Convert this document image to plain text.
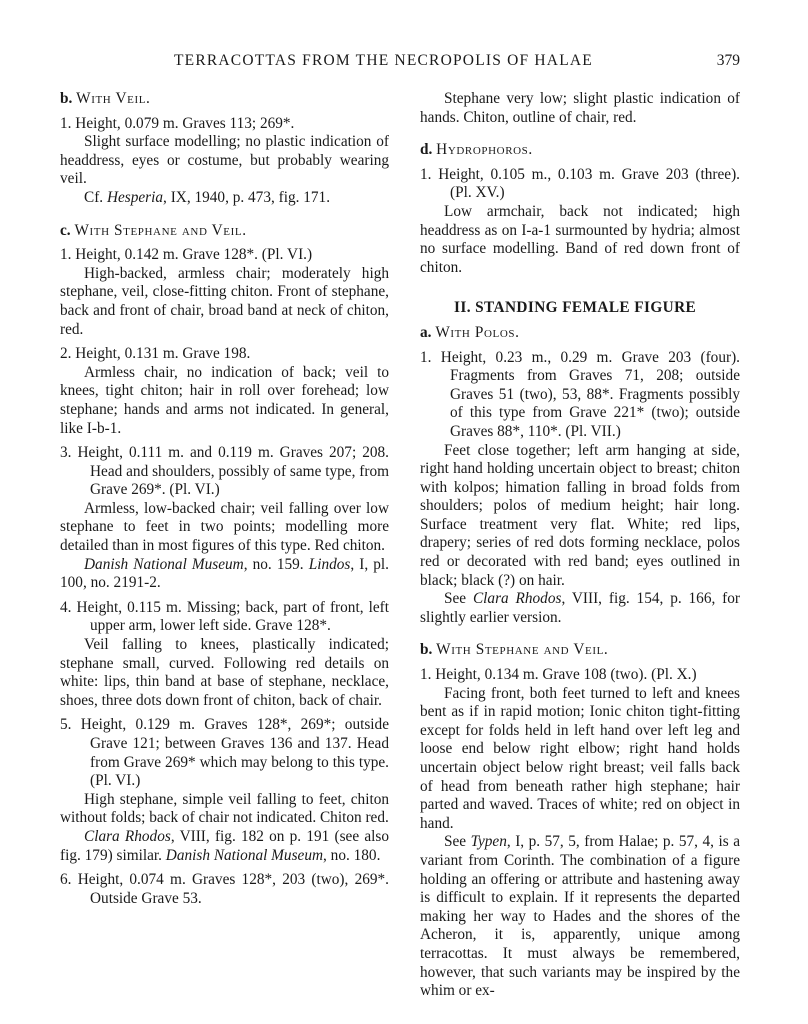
TERRACOTTAS FROM THE NECROPOLIS OF HALAE	379

b. With Veil.

1. Height, 0.079 m. Graves 113; 269*.

Slight surface modelling; no plastic indication of headdress, eyes or costume, but probably wearing veil.

Cf. Hesperia, IX, 1940, p. 473, fig. 171.

c. With Stephane and Veil.

1. Height, 0.142 m. Grave 128*. (Pl. VI.)

High-backed, armless chair; moderately high stephane, veil, close-fitting chiton. Front of stephane, back and front of chair, broad band at neck of chiton, red.

2. Height, 0.131 m. Grave 198.

Armless chair, no indication of back; veil to knees, tight chiton; hair in roll over forehead; low stephane; hands and arms not indicated. In general, like I-b-1.

3. Height, 0.111 m. and 0.119 m. Graves 207; 208. Head and shoulders, possibly of same type, from Grave 269*. (Pl. VI.)

Armless, low-backed chair; veil falling over low stephane to feet in two points; modelling more detailed than in most figures of this type. Red chiton.

Danish National Museum, no. 159. Lindos, I, pl. 100, no. 2191-2.

4. Height, 0.115 m. Missing; back, part of front, left upper arm, lower left side. Grave 128*.

Veil falling to knees, plastically indicated; stephane small, curved. Following red details on white: lips, thin band at base of stephane, necklace, shoes, three dots down front of chiton, back of chair.

5. Height, 0.129 m. Graves 128*, 269*; outside Grave 121; between Graves 136 and 137. Head from Grave 269* which may belong to this type. (Pl. VI.)

High stephane, simple veil falling to feet, chiton without folds; back of chair not indicated. Chiton red.

Clara Rhodos, VIII, fig. 182 on p. 191 (see also fig. 179) similar. Danish National Museum, no. 180.

6. Height, 0.074 m. Graves 128*, 203 (two), 269*. Outside Grave 53.

Stephane very low; slight plastic indication of hands. Chiton, outline of chair, red.

d. Hydrophoros.

1. Height, 0.105 m., 0.103 m. Grave 203 (three). (Pl. XV.)

Low armchair, back not indicated; high headdress as on I-a-1 surmounted by hydria; almost no surface modelling. Band of red down front of chiton.

II. STANDING FEMALE FIGURE

a. With Polos.

1. Height, 0.23 m., 0.29 m. Grave 203 (four). Fragments from Graves 71, 208; outside Graves 51 (two), 53, 88*. Fragments possibly of this type from Grave 221* (two); outside Graves 88*, 110*. (Pl. VII.)

Feet close together; left arm hanging at side, right hand holding uncertain object to breast; chiton with kolpos; himation falling in broad folds from shoulders; polos of medium height; hair long. Surface treatment very flat. White; red lips, drapery; series of red dots forming necklace, polos red or decorated with red band; eyes outlined in black; black (?) on hair.

See Clara Rhodos, VIII, fig. 154, p. 166, for slightly earlier version.

b. With Stephane and Veil.

1. Height, 0.134 m. Grave 108 (two). (Pl. X.)

Facing front, both feet turned to left and knees bent as if in rapid motion; Ionic chiton tight-fitting except for folds held in left hand over left leg and loose end below right elbow; right hand holds uncertain object below right breast; veil falls back of head from beneath rather high stephane; hair parted and waved. Traces of white; red on object in hand.

See Typen, I, p. 57, 5, from Halae; p. 57, 4, is a variant from Corinth. The combination of a figure holding an offering or attribute and hastening away is difficult to explain. If it represents the departed making her way to Hades and the shores of the Acheron, it is, apparently, unique among terracottas. It must always be remembered, however, that such variants may be inspired by the whim or ex-
